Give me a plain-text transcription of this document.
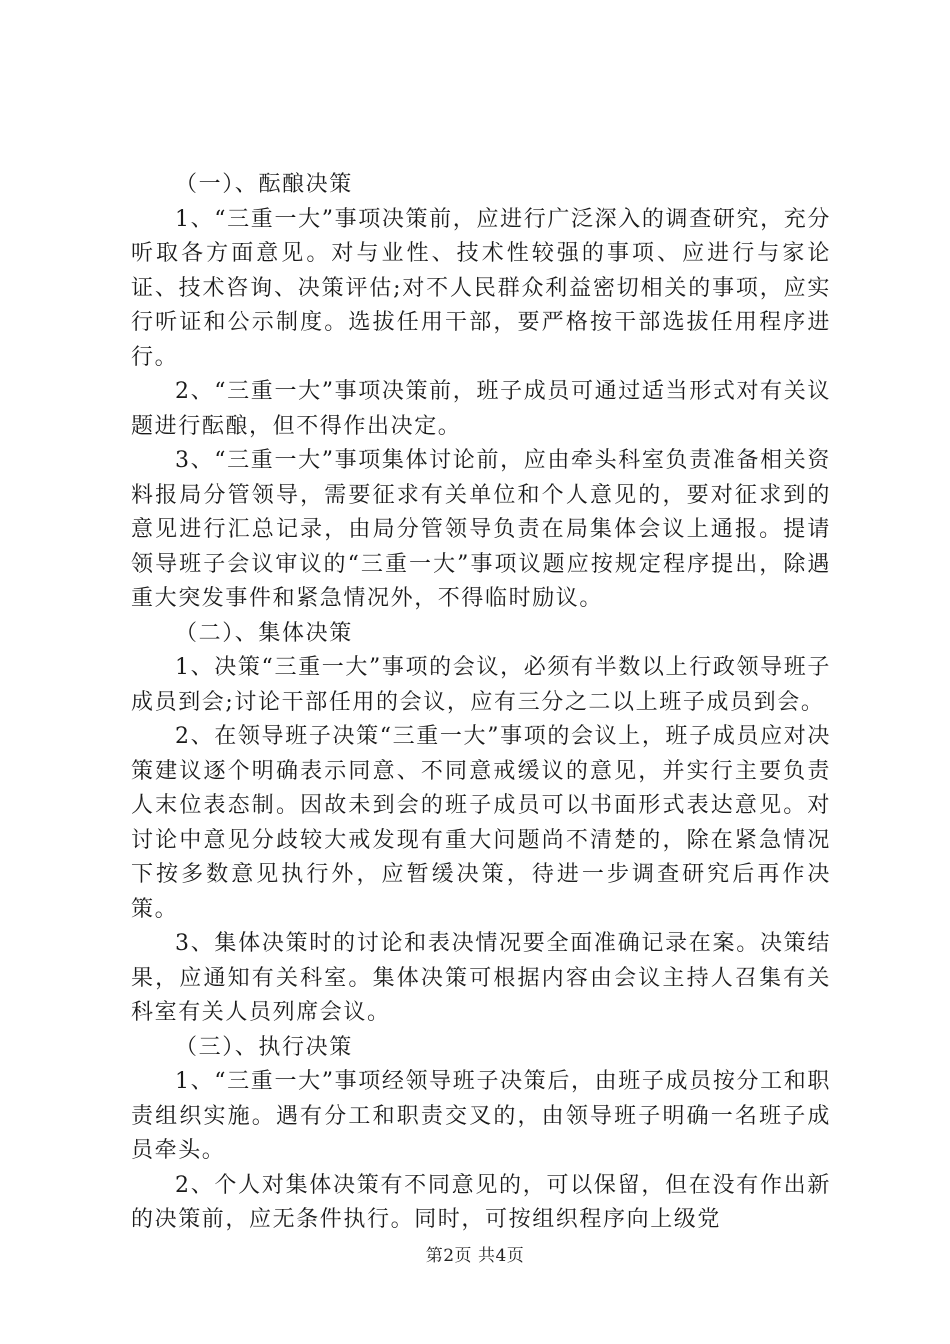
（一）、酝酿决策

1、“三重一大”事项决策前，应进行广泛深入的调查研究，充分听取各方面意见。对与业性、技术性较强的事项、应进行与家论证、技术咨询、决策评估;对不人民群众利益密切相关的事项，应实行听证和公示制度。选拔任用干部，要严格按干部选拔任用程序进行。

2、“三重一大”事项决策前，班子成员可通过适当形式对有关议题进行酝酿，但不得作出决定。

3、“三重一大”事项集体讨论前，应由牵头科室负责准备相关资料报局分管领导，需要征求有关单位和个人意见的，要对征求到的意见进行汇总记录，由局分管领导负责在局集体会议上通报。提请领导班子会议审议的“三重一大”事项议题应按规定程序提出，除遇重大突发事件和紧急情况外，不得临时励议。

（二）、集体决策

1、决策“三重一大”事项的会议，必须有半数以上行政领导班子成员到会;讨论干部任用的会议，应有三分之二以上班子成员到会。

2、在领导班子决策“三重一大”事项的会议上，班子成员应对决策建议逐个明确表示同意、不同意戒缓议的意见，并实行主要负责人末位表态制。因故未到会的班子成员可以书面形式表达意见。对讨论中意见分歧较大戒发现有重大问题尚不清楚的，除在紧急情况下按多数意见执行外，应暂缓决策，待进一步调查研究后再作决策。

3、集体决策时的讨论和表决情况要全面准确记录在案。决策结果，应通知有关科室。集体决策可根据内容由会议主持人召集有关科室有关人员列席会议。

（三）、执行决策

1、“三重一大”事项经领导班子决策后，由班子成员按分工和职责组织实施。遇有分工和职责交叉的，由领导班子明确一名班子成员牵头。

2、个人对集体决策有不同意见的，可以保留，但在没有作出新的决策前，应无条件执行。同时，可按组织程序向上级党

第2页 共4页
